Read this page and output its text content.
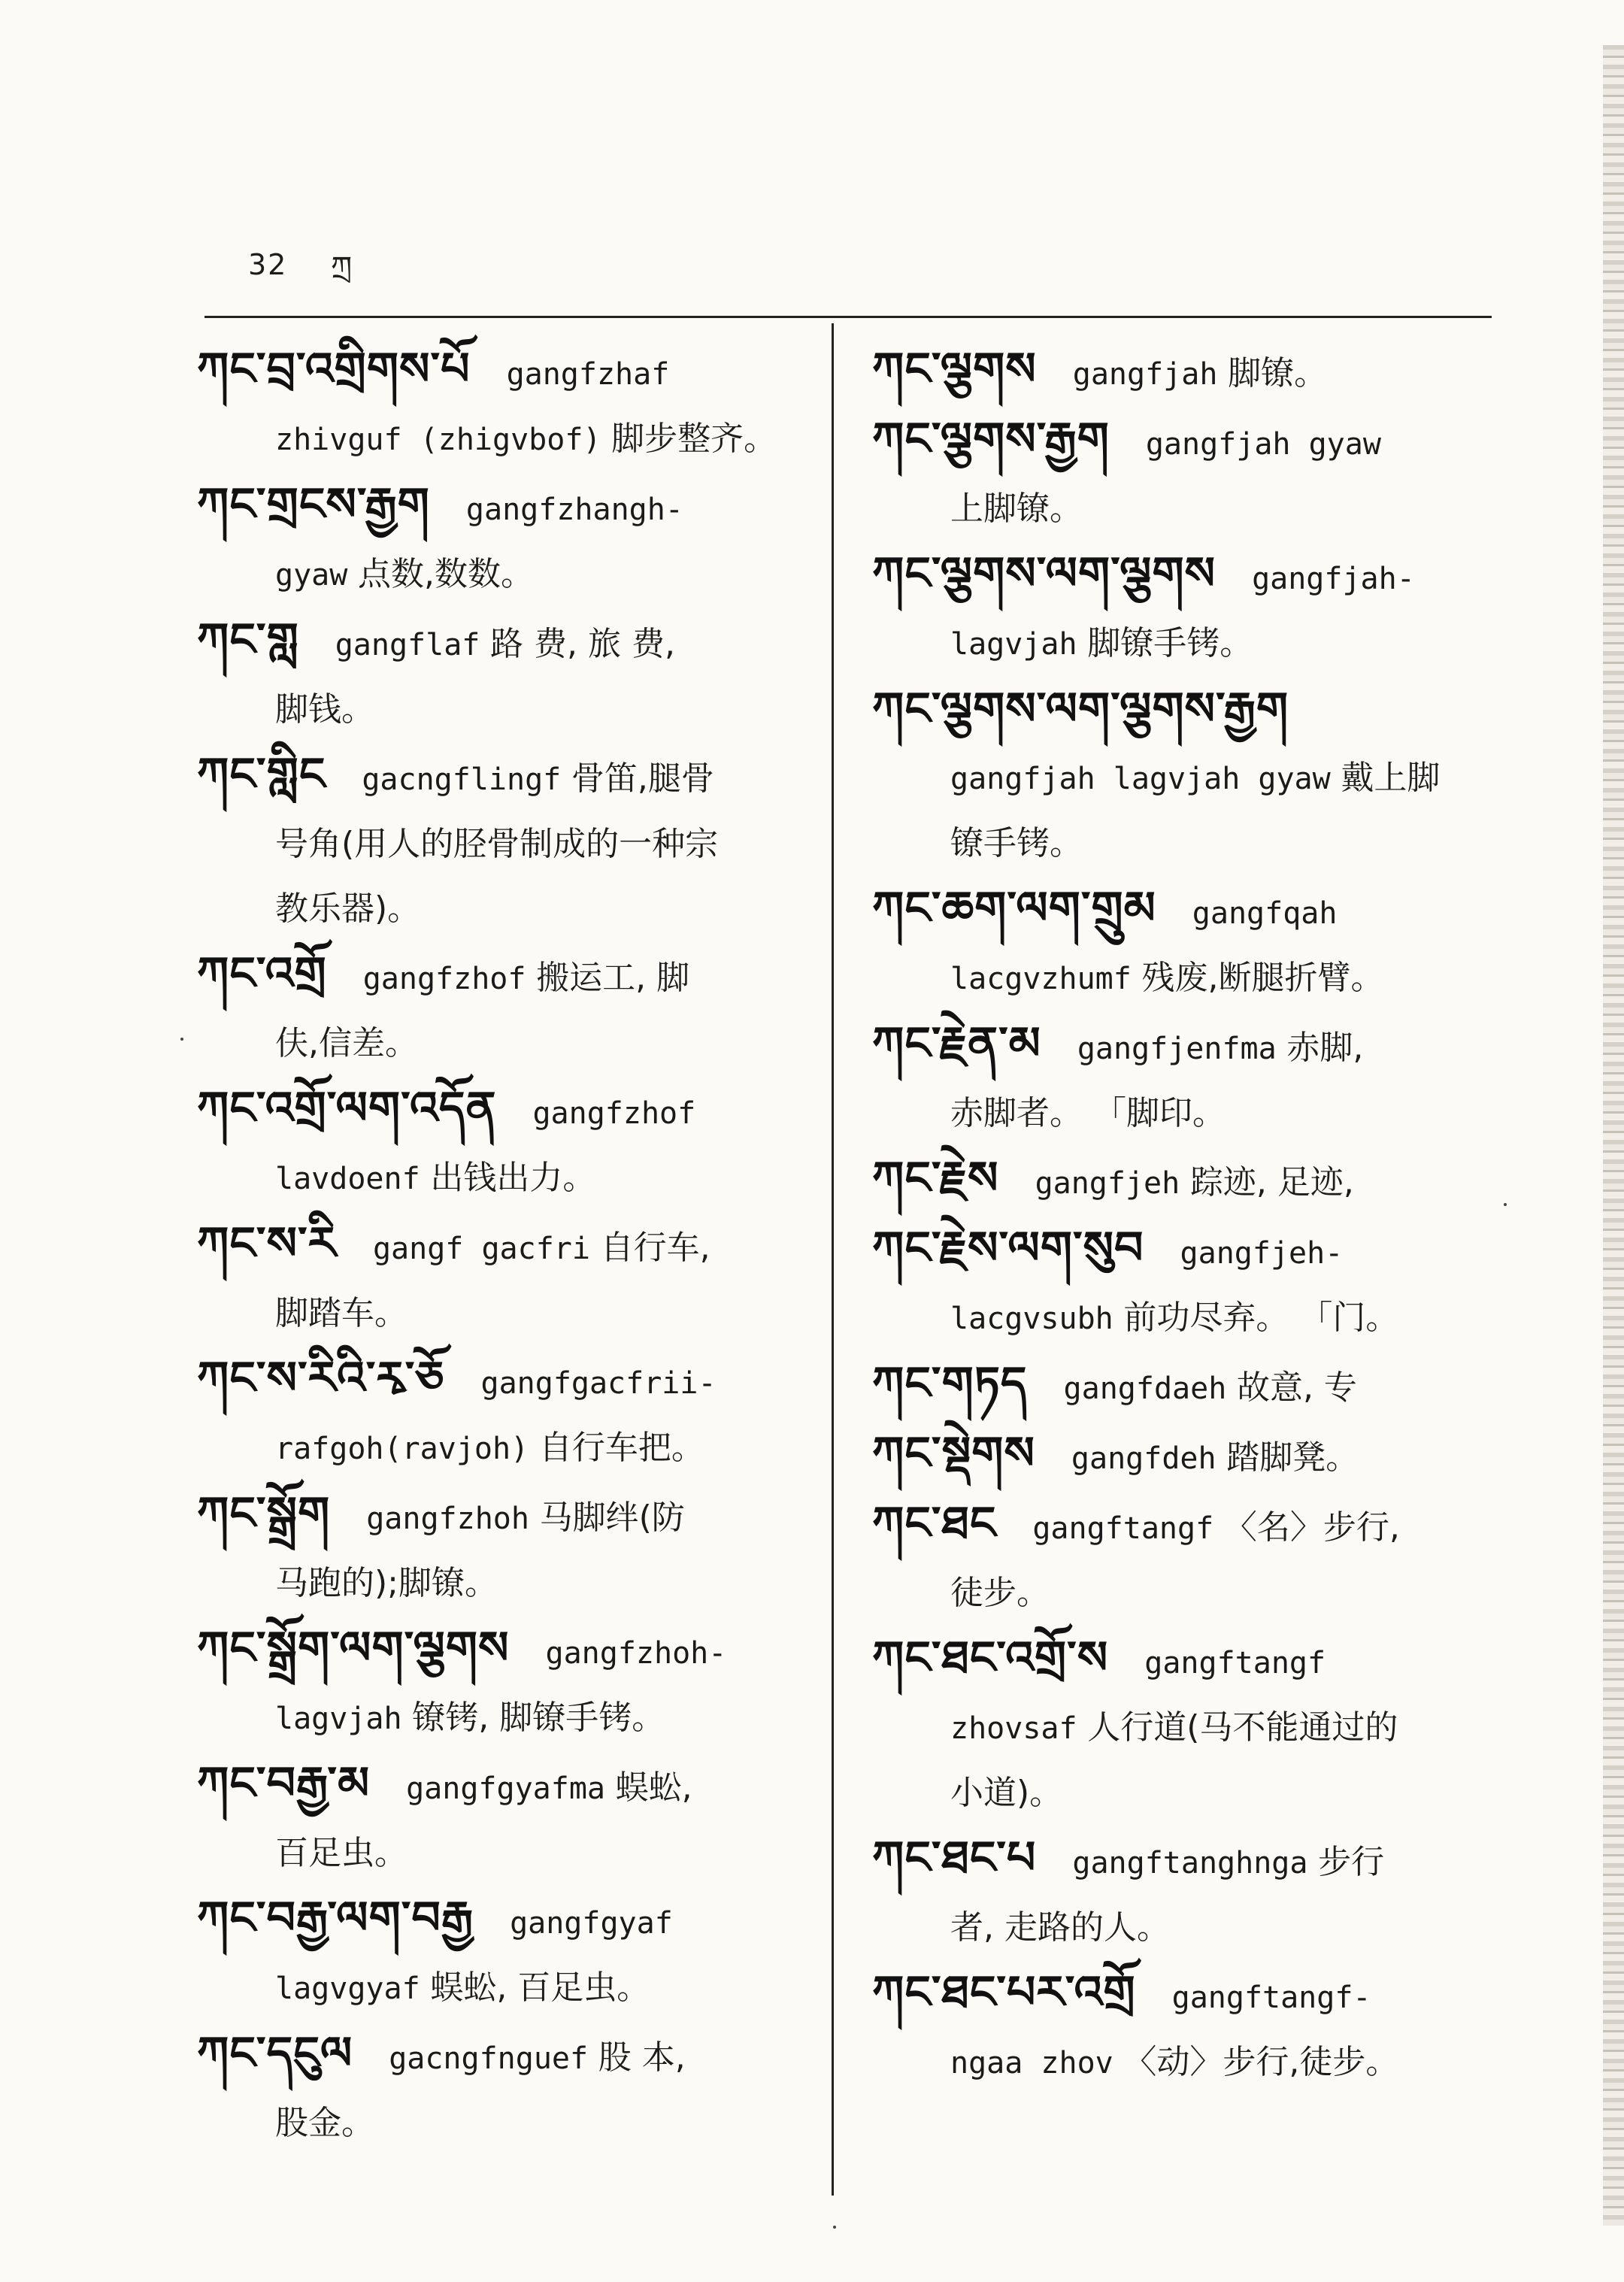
32 ཀྲ

ཀང་བྲ་འགྲིགས་པོ gangfzhaf

zhivguf (zhigvbof) 脚步整齐。

ཀང་གྲངས་རྒྱག gangfzhangh-

gyaw 点数,数数。

ཀང་གླ gangflaf 路 费, 旅 费,

脚钱。

ཀང་གླིང gacngflingf 骨笛,腿骨

号角(用人的胫骨制成的一种宗

教乐器)。

ཀང་འགྲོ gangfzhof 搬运工, 脚

伕,信差。

ཀང་འགྲོ་ལག་འདོན gangfzhof

lavdoenf 出钱出力。

ཀང་ས་རི gangf gacfri 自行车,

脚踏车。

ཀང་ས་རིའི་རྭ་ཅོ gangfgacfrii-

rafgoh(ravjoh) 自行车把。

ཀང་སྒྲོག gangfzhoh 马脚绊(防

马跑的);脚镣。

ཀང་སྒྲོག་ལག་ལྕགས gangfzhoh-

lagvjah 镣铐, 脚镣手铐。

ཀང་བརྒྱ་མ gangfgyafma 蜈蚣,

百足虫。

ཀང་བརྒྱ་ལག་བརྒྱ gangfgyaf

lagvgyaf 蜈蚣, 百足虫。

ཀང་དངུལ gacngfnguef 股 本,

股金。

ཀང་ལྕགས gangfjah 脚镣。

ཀང་ལྕགས་རྒྱག gangfjah gyaw

上脚镣。

ཀང་ལྕགས་ལག་ལྕགས gangfjah-

lagvjah 脚镣手铐。

ཀང་ལྕགས་ལག་ལྕགས་རྒྱག

gangfjah lagvjah gyaw 戴上脚

镣手铐。

ཀང་ཆག་ལག་གྲུམ gangfqah

lacgvzhumf 残废,断腿折臂。

ཀང་རྗེན་མ gangfjenfma 赤脚,

赤脚者。 「脚印。

ཀང་རྗེས gangfjeh 踪迹, 足迹,

ཀང་རྗེས་ལག་སུབ gangfjeh-

lacgvsubh 前功尽弃。 「门。

ཀང་གཏད gangfdaeh 故意, 专

ཀང་སྡེགས gangfdeh 踏脚凳。

ཀང་ཐང gangftangf 〈名〉步行,

徒步。

ཀང་ཐང་འགྲོ་ས gangftangf

zhovsaf 人行道(马不能通过的

小道)。

ཀང་ཐང་པ gangftanghnga 步行

者, 走路的人。

ཀང་ཐང་པར་འགྲོ gangftangf-

ngaa zhov 〈动〉步行,徒步。
